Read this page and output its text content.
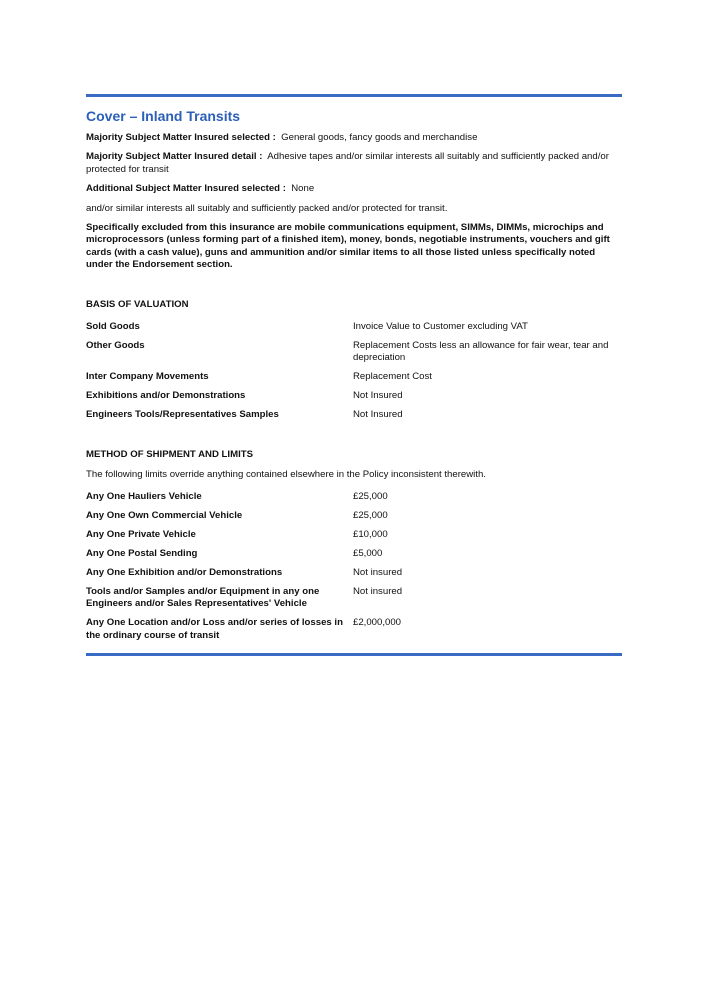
Cover – Inland Transits
Majority Subject Matter Insured selected : General goods, fancy goods and merchandise
Majority Subject Matter Insured detail : Adhesive tapes and/or similar interests all suitably and sufficiently packed and/or protected for transit
Additional Subject Matter Insured selected : None
and/or similar interests all suitably and sufficiently packed and/or protected for transit.
Specifically excluded from this insurance are mobile communications equipment, SIMMs, DIMMs, microchips and microprocessors (unless forming part of a finished item), money, bonds, negotiable instruments, vouchers and gift cards (with a cash value), guns and ammunition and/or similar items to all those listed unless specifically noted under the Endorsement section.
BASIS OF VALUATION
Sold Goods	Invoice Value to Customer excluding VAT
Other Goods	Replacement Costs less an allowance for fair wear, tear and depreciation
Inter Company Movements	Replacement Cost
Exhibitions and/or Demonstrations	Not Insured
Engineers Tools/Representatives Samples	Not Insured
METHOD OF SHIPMENT AND LIMITS
The following limits override anything contained elsewhere in the Policy inconsistent therewith.
Any One Hauliers Vehicle	£25,000
Any One Own Commercial Vehicle	£25,000
Any One Private Vehicle	£10,000
Any One Postal Sending	£5,000
Any One Exhibition and/or Demonstrations	Not insured
Tools and/or Samples and/or Equipment in any one Engineers and/or Sales Representatives' Vehicle	Not insured
Any One Location and/or Loss and/or series of losses in the ordinary course of transit	£2,000,000
